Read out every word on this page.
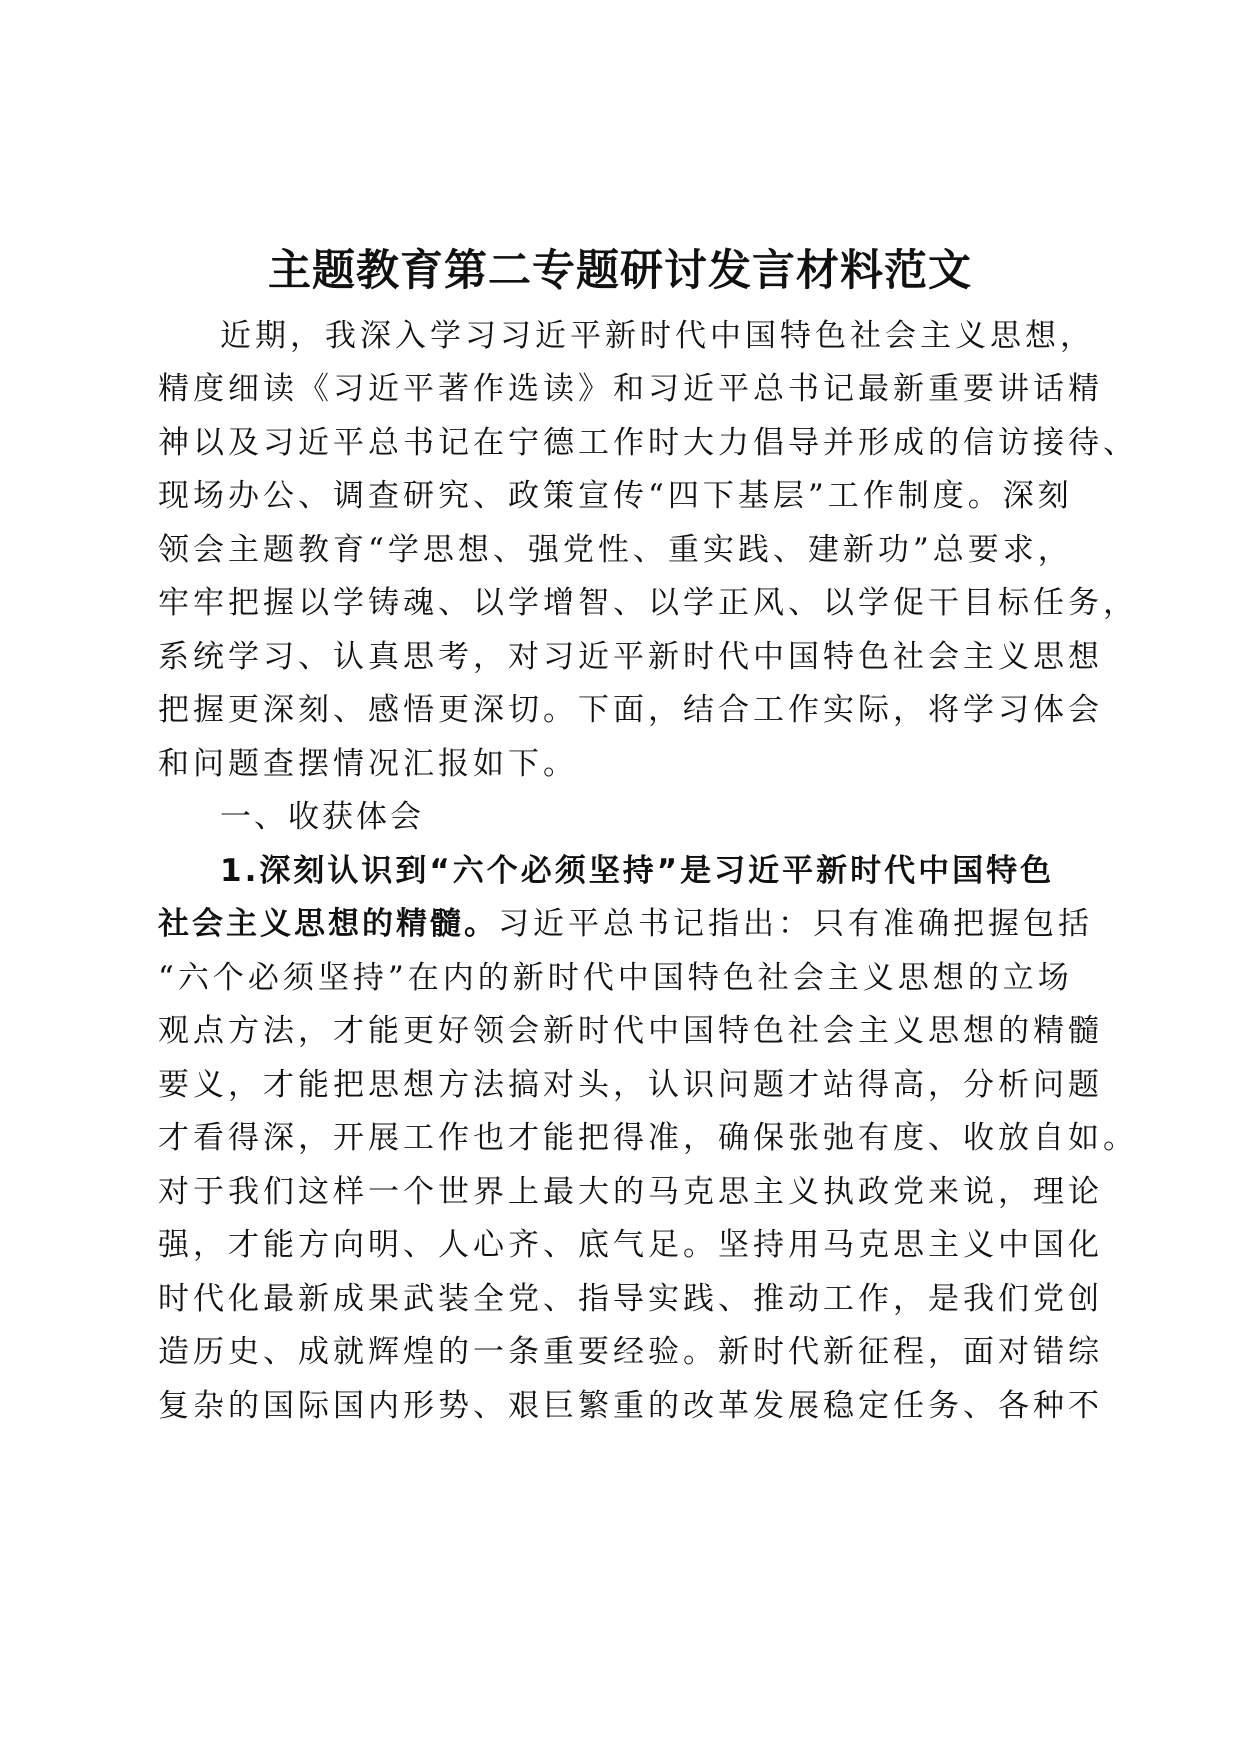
主题教育第二专题研讨发言材料范文
近期，我深入学习习近平新时代中国特色社会主义思想，
精度细读《习近平著作选读》和习近平总书记最新重要讲话精
神以及习近平总书记在宁德工作时大力倡导并形成的信访接待、
现场办公、调查研究、政策宣传“四下基层”工作制度。深刻
领会主题教育“学思想、强党性、重实践、建新功”总要求，
牢牢把握以学铸魂、以学增智、以学正风、以学促干目标任务，
系统学习、认真思考，对习近平新时代中国特色社会主义思想
把握更深刻、感悟更深切。下面，结合工作实际，将学习体会
和问题查摆情况汇报如下。
一、收获体会
1.深刻认识到“六个必须坚持”是习近平新时代中国特色
社会主义思想的精髓。习近平总书记指出：只有准确把握包括
“六个必须坚持”在内的新时代中国特色社会主义思想的立场
观点方法，才能更好领会新时代中国特色社会主义思想的精髓
要义，才能把思想方法搞对头，认识问题才站得高，分析问题
才看得深，开展工作也才能把得准，确保张弛有度、收放自如。
对于我们这样一个世界上最大的马克思主义执政党来说，理论
强，才能方向明、人心齐、底气足。坚持用马克思主义中国化
时代化最新成果武装全党、指导实践、推动工作，是我们党创
造历史、成就辉煌的一条重要经验。新时代新征程，面对错综
复杂的国际国内形势、艰巨繁重的改革发展稳定任务、各种不
